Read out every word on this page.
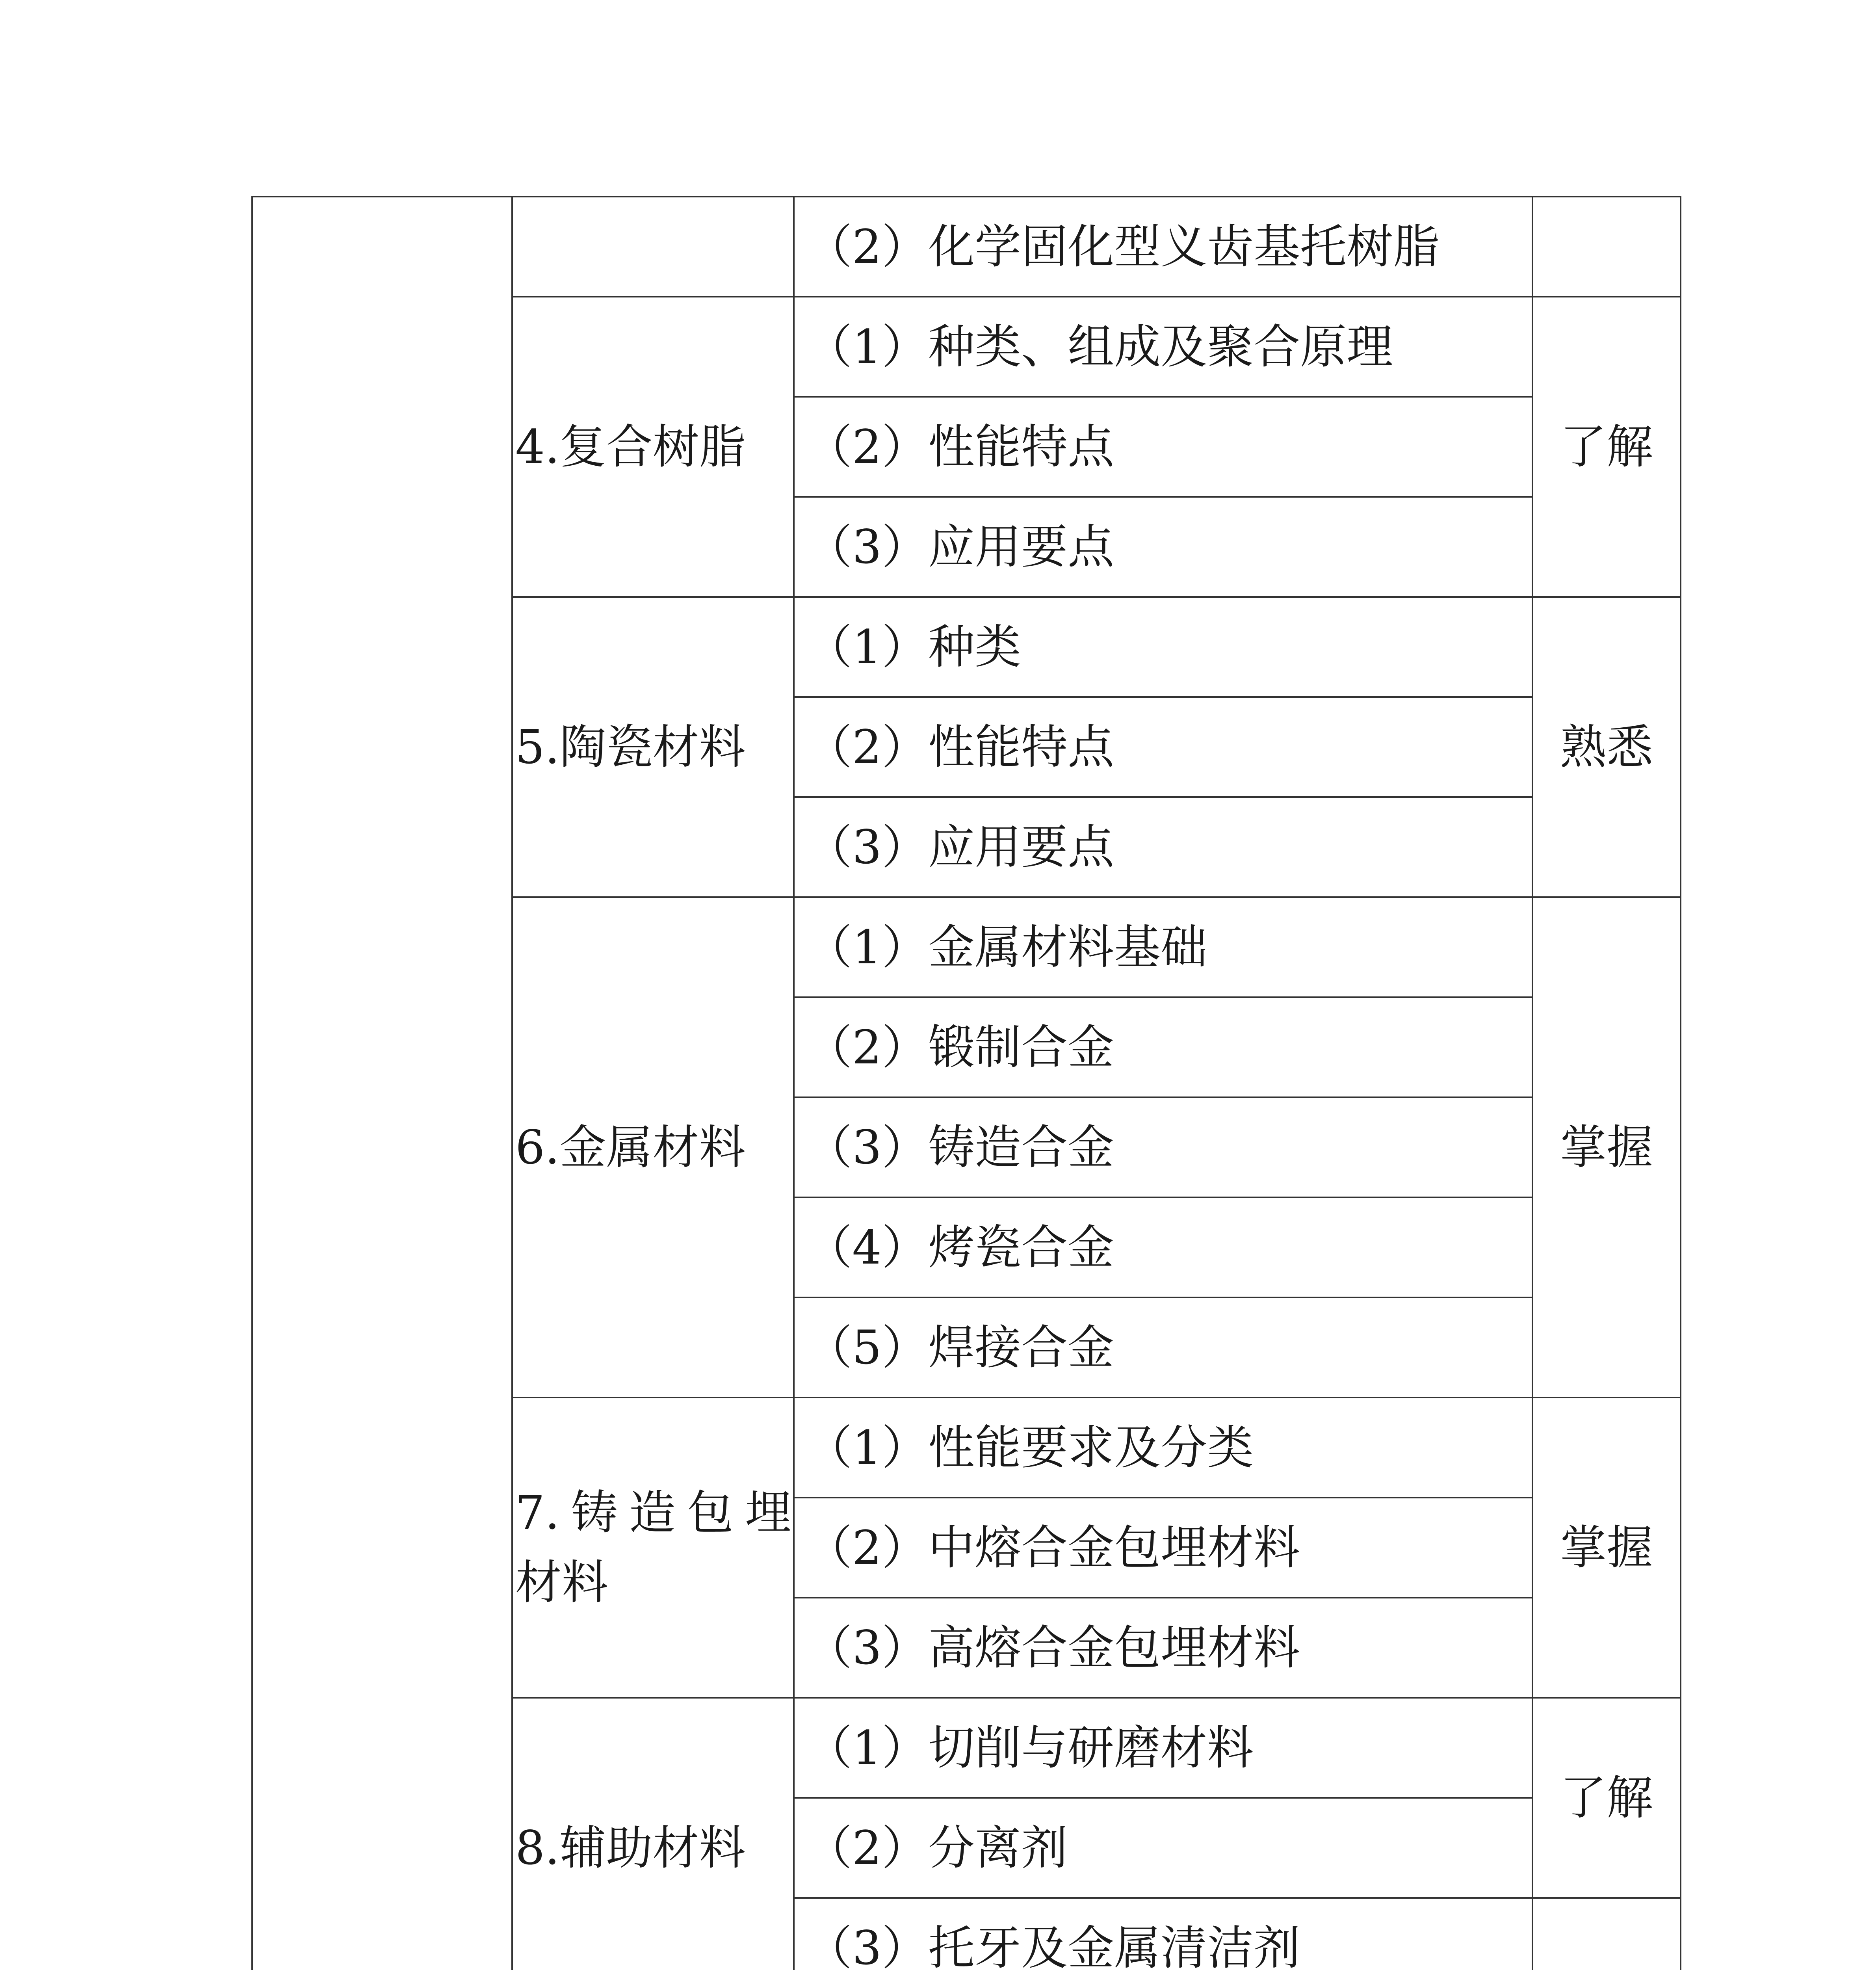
		（2）化学固化型义齿基托树脂	

	4.复合树脂	（1）种类、组成及聚合原理	了解
		（2）性能特点	
		（3）应用要点	

	5.陶瓷材料	（1）种类	熟悉
		（2）性能特点	
		（3）应用要点	

	6.金属材料	（1）金属材料基础	掌握
		（2）锻制合金	
		（3）铸造合金	
		（4）烤瓷合金	
		（5）焊接合金	

	7.铸造包埋材料	（1）性能要求及分类	掌握
		（2）中熔合金包埋材料	
		（3）高熔合金包埋材料	

	8.辅助材料	（1）切削与研磨材料	了解
		（2）分离剂	
		（3）托牙及金属清洁剂	
